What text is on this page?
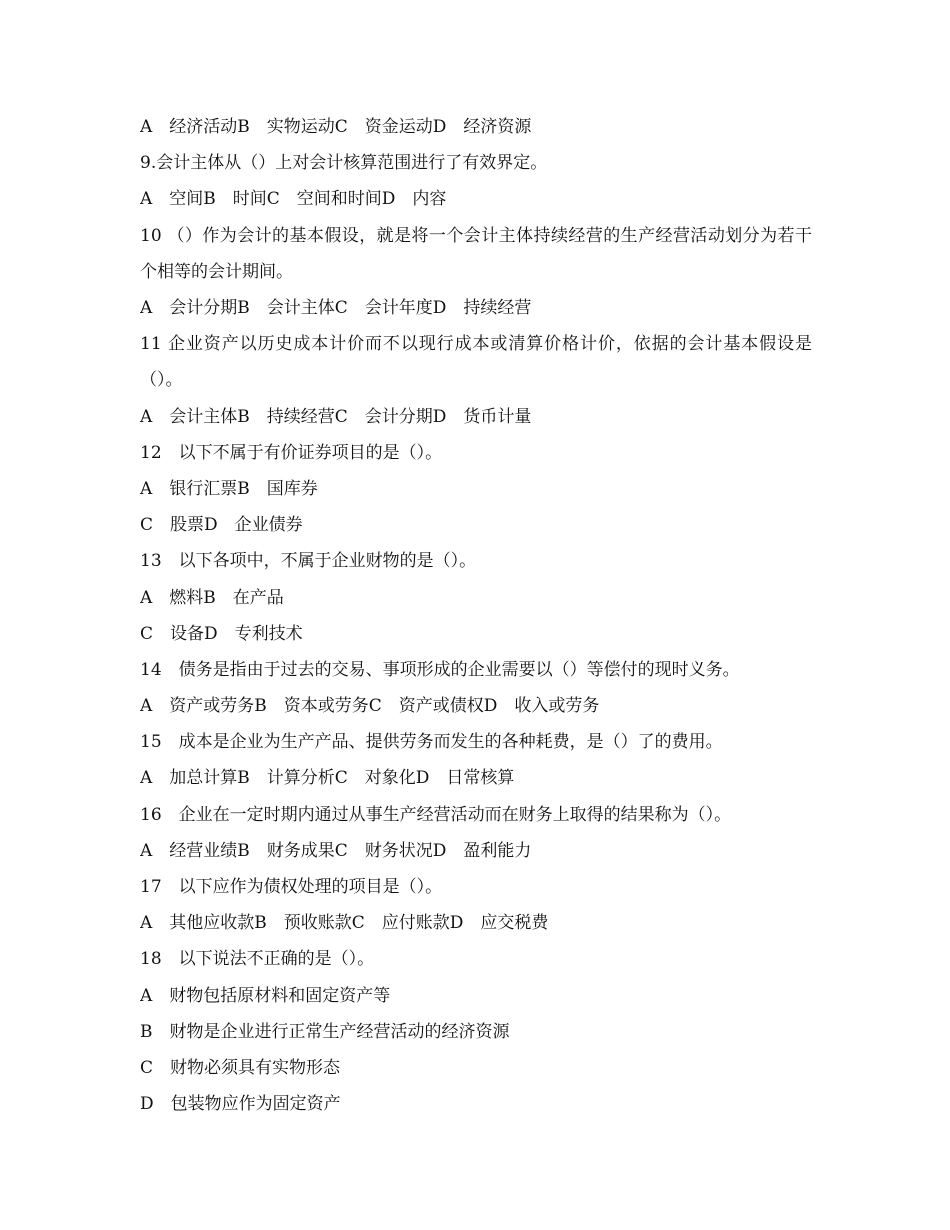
A　经济活动B　实物运动C　资金运动D　经济资源
9.会计主体从（）上对会计核算范围进行了有效界定。
A　空间B　时间C　空间和时间D　内容
10 （）作为会计的基本假设，就是将一个会计主体持续经营的生产经营活动划分为若干个相等的会计期间。
A　会计分期B　会计主体C　会计年度D　持续经营
11 企业资产以历史成本计价而不以现行成本或清算价格计价，依据的会计基本假设是（）。
A　会计主体B　持续经营C　会计分期D　货币计量
12　以下不属于有价证券项目的是（）。
A　银行汇票B　国库券
C　股票D　企业债券
13　以下各项中，不属于企业财物的是（）。
A　燃料B　在产品
C　设备D　专利技术
14　债务是指由于过去的交易、事项形成的企业需要以（）等偿付的现时义务。
A　资产或劳务B　资本或劳务C　资产或债权D　收入或劳务
15　成本是企业为生产产品、提供劳务而发生的各种耗费，是（）了的费用。
A　加总计算B　计算分析C　对象化D　日常核算
16　企业在一定时期内通过从事生产经营活动而在财务上取得的结果称为（）。
A　经营业绩B　财务成果C　财务状况D　盈利能力
17　以下应作为债权处理的项目是（）。
A　其他应收款B　预收账款C　应付账款D　应交税费
18　以下说法不正确的是（）。
A　财物包括原材料和固定资产等
B　财物是企业进行正常生产经营活动的经济资源
C　财物必须具有实物形态
D　包装物应作为固定资产
